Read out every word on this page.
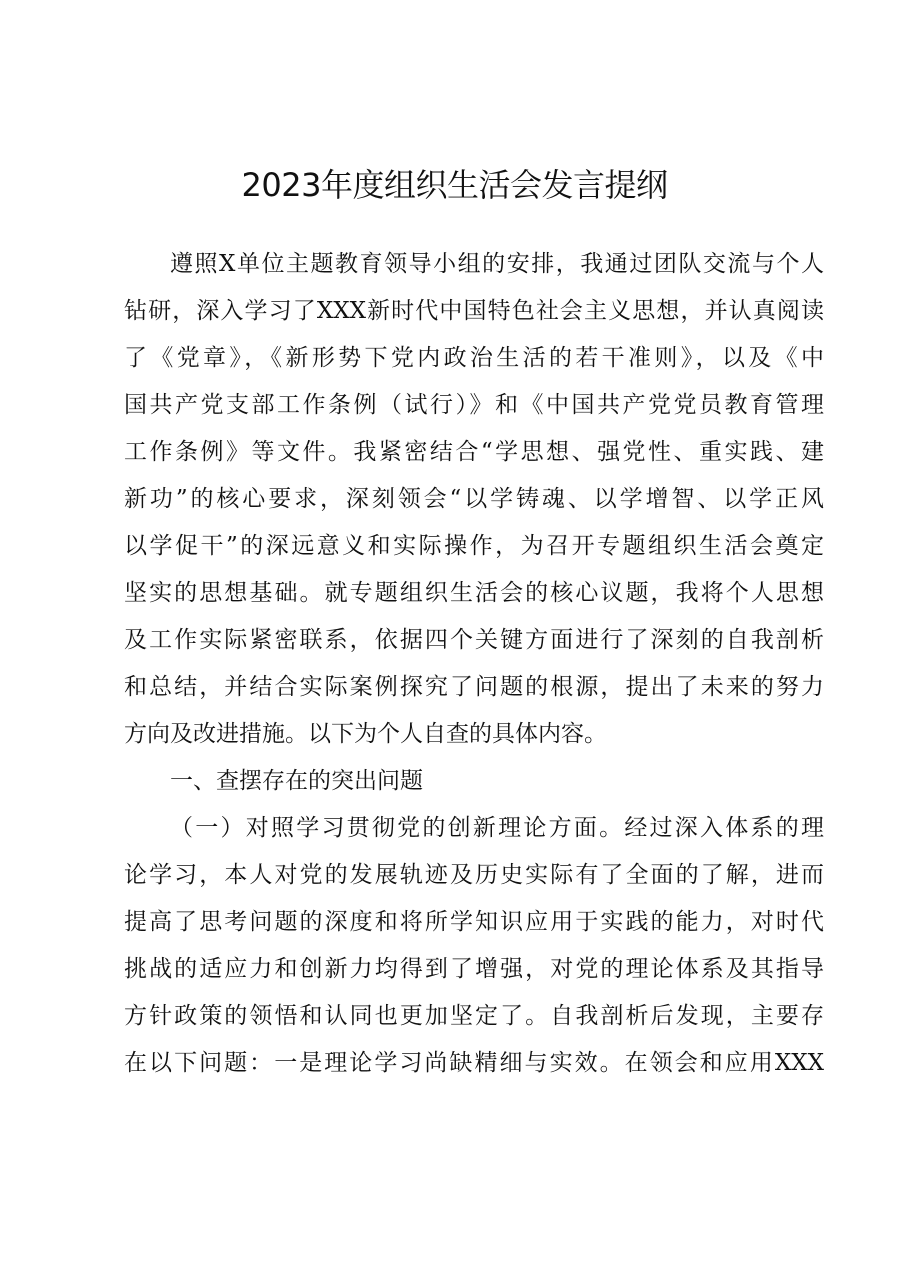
2023年度组织生活会发言提纲
遵照X单位主题教育领导小组的安排，我通过团队交流与个人
钻研，深入学习了XXX新时代中国特色社会主义思想，并认真阅读
了《党章》，《新形势下党内政治生活的若干准则》，以及《中
国共产党支部工作条例（试行）》和《中国共产党党员教育管理
工作条例》等文件。我紧密结合“学思想、强党性、重实践、建
新功”的核心要求，深刻领会“以学铸魂、以学增智、以学正风
以学促干”的深远意义和实际操作，为召开专题组织生活会奠定
坚实的思想基础。就专题组织生活会的核心议题，我将个人思想
及工作实际紧密联系，依据四个关键方面进行了深刻的自我剖析
和总结，并结合实际案例探究了问题的根源，提出了未来的努力
方向及改进措施。以下为个人自查的具体内容。
一、查摆存在的突出问题
（一）对照学习贯彻党的创新理论方面。经过深入体系的理
论学习，本人对党的发展轨迹及历史实际有了全面的了解，进而
提高了思考问题的深度和将所学知识应用于实践的能力，对时代
挑战的适应力和创新力均得到了增强，对党的理论体系及其指导
方针政策的领悟和认同也更加坚定了。自我剖析后发现，主要存
在以下问题：一是理论学习尚缺精细与实效。在领会和应用XXX
